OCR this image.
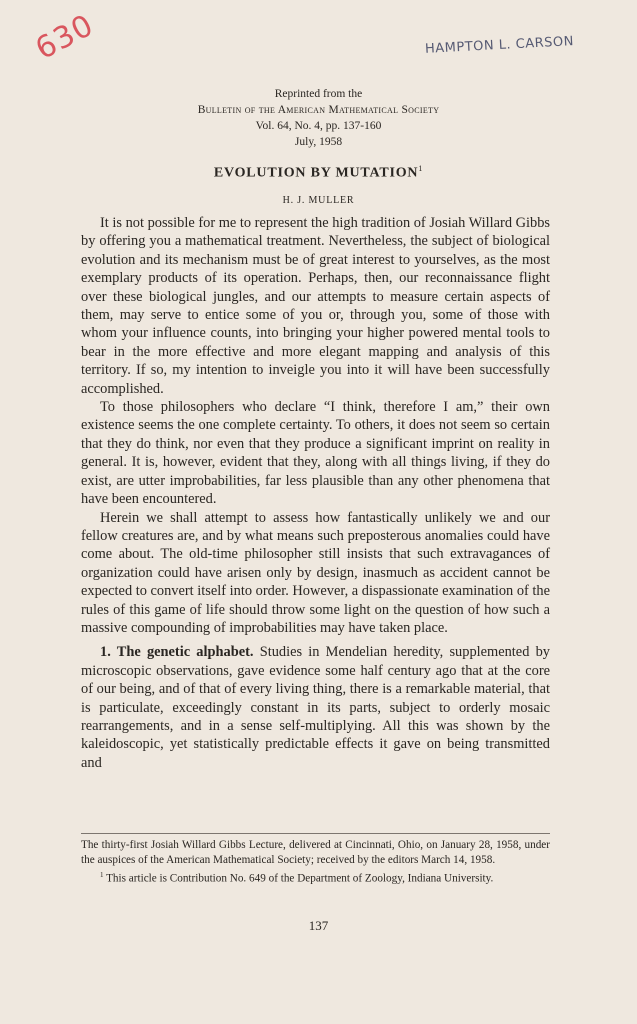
630	HAMPTON L. CARSON
Reprinted from the
Bulletin of the American Mathematical Society
Vol. 64, No. 4, pp. 137-160
July, 1958
EVOLUTION BY MUTATION$^1$
H. J. MULLER

It is not possible for me to represent the high tradition of Josiah Willard Gibbs by offering you a mathematical treatment. Nevertheless, the subject of biological evolution and its mechanism must be of great interest to yourselves, as the most exemplary products of its operation. Perhaps, then, our reconnaissance flight over these biological jungles, and our attempts to measure certain aspects of them, may serve to entice some of you or, through you, some of those with whom your influence counts, into bringing your higher powered mental tools to bear in the more effective and more elegant mapping and analysis of this territory. If so, my intention to inveigle you into it will have been successfully accomplished.

To those philosophers who declare “I think, therefore I am,” their own existence seems the one complete certainty. To others, it does not seem so certain that they do think, nor even that they produce a significant imprint on reality in general. It is, however, evident that they, along with all things living, if they do exist, are utter improbabilities, far less plausible than any other phenomena that have been encountered.

Herein we shall attempt to assess how fantastically unlikely we and our fellow creatures are, and by what means such preposterous anomalies could have come about. The old-time philosopher still insists that such extravagances of organization could have arisen only by design, inasmuch as accident cannot be expected to convert itself into order. However, a dispassionate examination of the rules of this game of life should throw some light on the question of how such a massive compounding of improbabilities may have taken place.

1. The genetic alphabet. Studies in Mendelian heredity, supplemented by microscopic observations, gave evidence some half century ago that at the core of our being, and of that of every living thing, there is a remarkable material, that is particulate, exceedingly constant in its parts, subject to orderly mosaic rearrangements, and in a sense self-multiplying. All this was shown by the kaleidoscopic, yet statistically predictable effects it gave on being transmitted and

The thirty-first Josiah Willard Gibbs Lecture, delivered at Cincinnati, Ohio, on January 28, 1958, under the auspices of the American Mathematical Society; received by the editors March 14, 1958.

$^1$ This article is Contribution No. 649 of the Department of Zoology, Indiana University.

137
